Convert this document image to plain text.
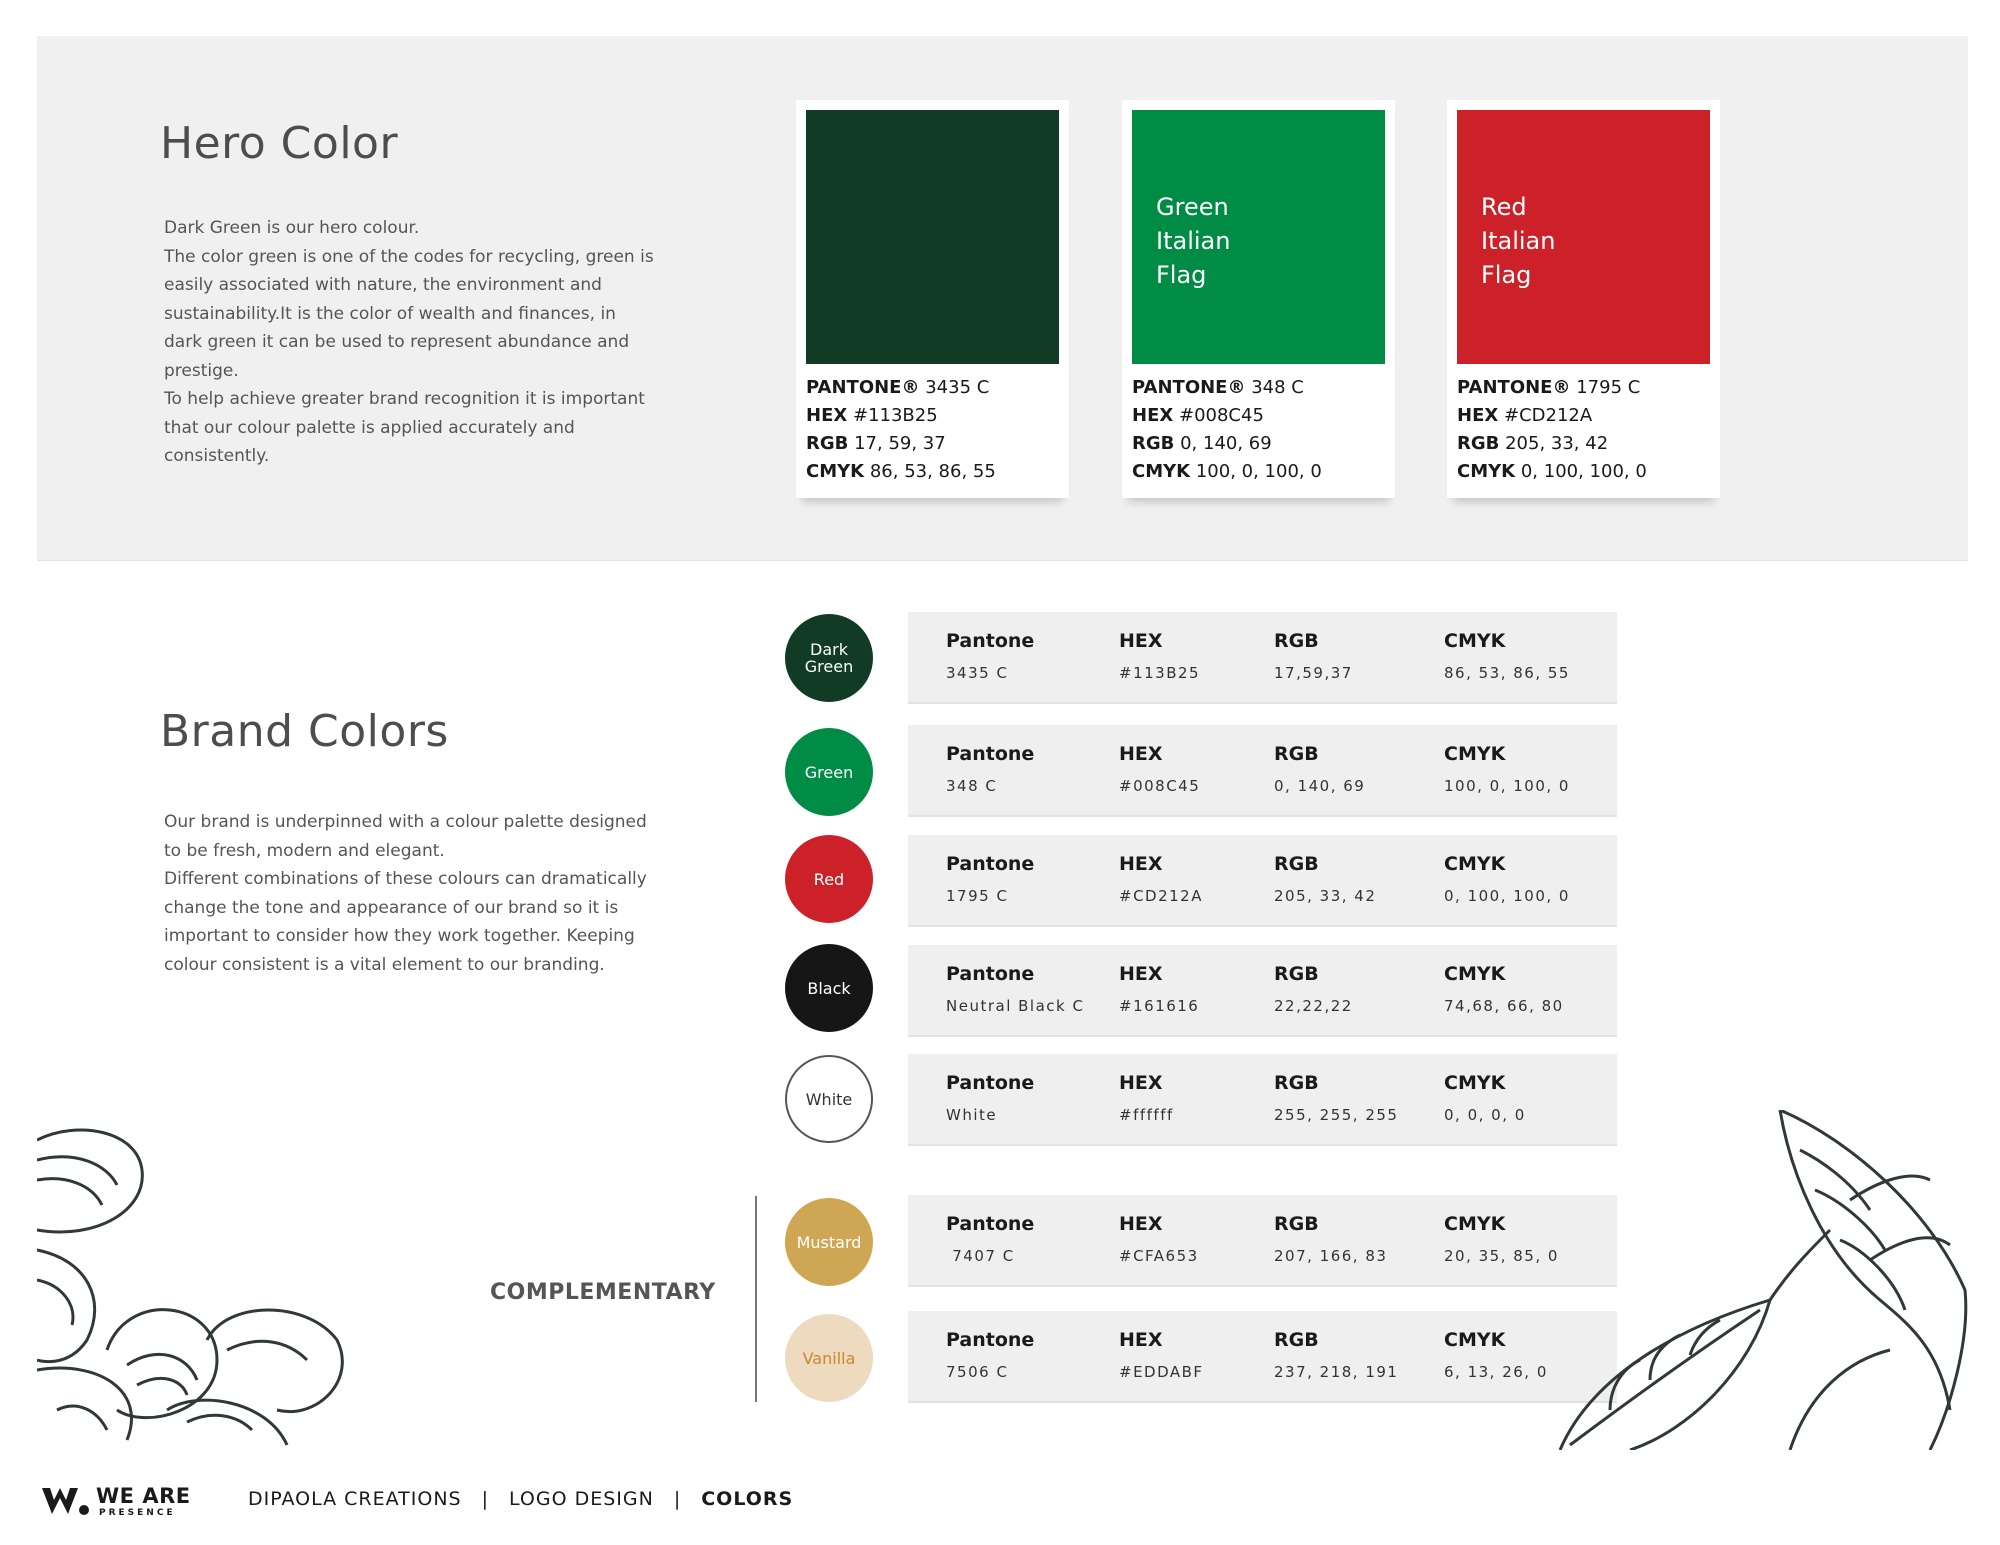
Hero Color

Dark Green is our hero colour.

The color green is one of the codes for recycling, green is easily associated with nature, the environment and sustainability.It is the color of wealth and finances, in dark green it can be used to represent abundance and prestige.

To help achieve greater brand recognition it is important that our colour palette is applied accurately and consistently.

PANTONE® 3435 C
HEX #113B25
RGB 17, 59, 37
CMYK 86, 53, 86, 55
Green
Italian
Flag
PANTONE® 348 C
HEX #008C45
RGB 0, 140, 69
CMYK 100, 0, 100, 0
Red
Italian
Flag
PANTONE® 1795 C
HEX #CD212A
RGB 205, 33, 42
CMYK 0, 100, 100, 0
Brand Colors

Our brand is underpinned with a colour palette designed to be fresh, modern and elegant.

Different combinations of these colours can dramatically change the tone and appearance of our brand so it is important to consider how they work together. Keeping colour consistent is a vital element to our branding.

Dark
Green
Pantone
3435 C
HEX
#113B25
RGB
17,59,37
CMYK
86, 53, 86, 55
Green
Pantone
348 C
HEX
#008C45
RGB
0, 140, 69
CMYK
100, 0, 100, 0
Red
Pantone
1795 C
HEX
#CD212A
RGB
205, 33, 42
CMYK
0, 100, 100, 0
Black
Pantone
Neutral Black C
HEX
#161616
RGB
22,22,22
CMYK
74,68, 66, 80
White
Pantone
White
HEX
#ffffff
RGB
255, 255, 255
CMYK
0, 0, 0, 0
COMPLEMENTARY
Mustard
Pantone
7407 C
HEX
#CFA653
RGB
207, 166, 83
CMYK
20, 35, 85, 0
Vanilla
Pantone
7506 C
HEX
#EDDABF
RGB
237, 218, 191
CMYK
6, 13, 26, 0
WE ARE
PRESENCE
DIPAOLA CREATIONS | LOGO DESIGN | COLORS
